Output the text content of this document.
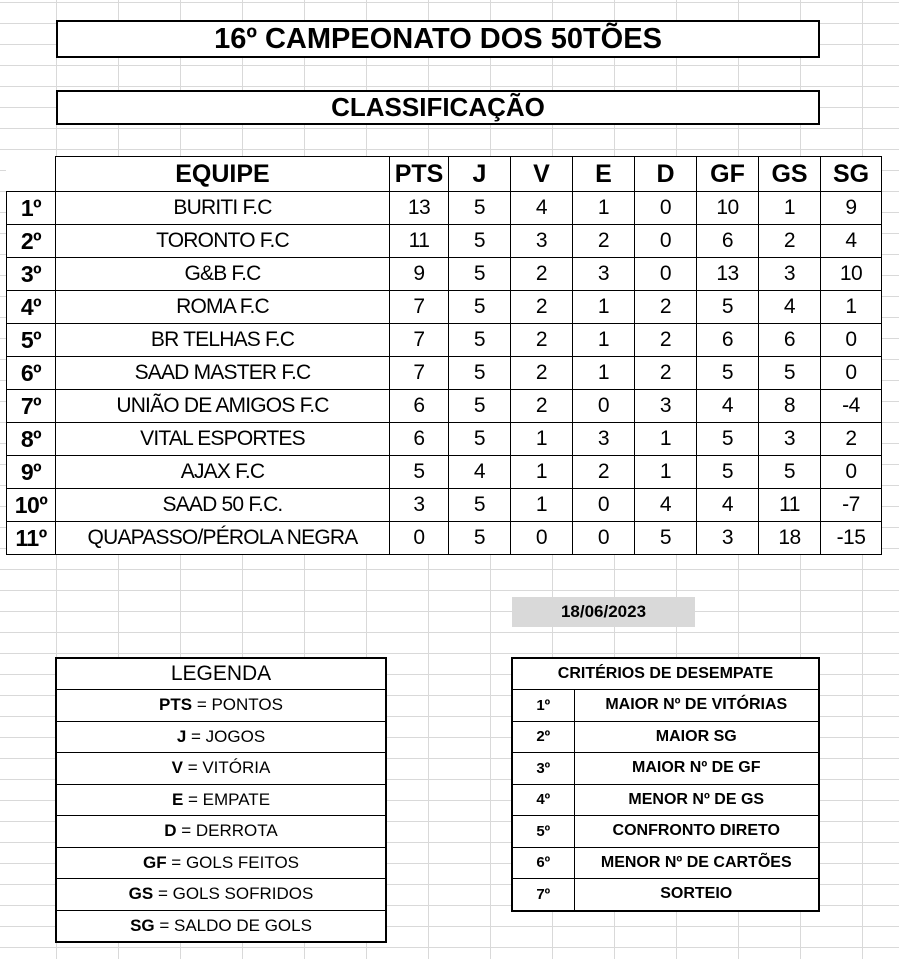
16º CAMPEONATO DOS 50TÕES
CLASSIFICAÇÃO
	EQUIPE	PTS	J	V	E	D	GF	GS	SG
1º	BURITI F.C	13	5	4	1	0	10	1	9
2º	TORONTO F.C	11	5	3	2	0	6	2	4
3º	G&B F.C	9	5	2	3	0	13	3	10
4º	ROMA F.C	7	5	2	1	2	5	4	1
5º	BR TELHAS F.C	7	5	2	1	2	6	6	0
6º	SAAD MASTER F.C	7	5	2	1	2	5	5	0
7º	UNIÃO DE AMIGOS F.C	6	5	2	0	3	4	8	-4
8º	VITAL ESPORTES	6	5	1	3	1	5	3	2
9º	AJAX F.C	5	4	1	2	1	5	5	0
10º	SAAD 50 F.C.	3	5	1	0	4	4	11	-7
11º	QUAPASSO/PÉROLA NEGRA	0	5	0	0	5	3	18	-15
18/06/2023
LEGENDA
PTS = PONTOS
J = JOGOS
V = VITÓRIA
E = EMPATE
D = DERROTA
GF = GOLS FEITOS
GS = GOLS SOFRIDOS
SG = SALDO DE GOLS
CRITÉRIOS DE DESEMPATE	
1º	MAIOR Nº DE VITÓRIAS
2º	MAIOR SG
3º	MAIOR Nº DE GF
4º	MENOR Nº DE GS
5º	CONFRONTO DIRETO
6º	MENOR Nº DE CARTÕES
7º	SORTEIO
